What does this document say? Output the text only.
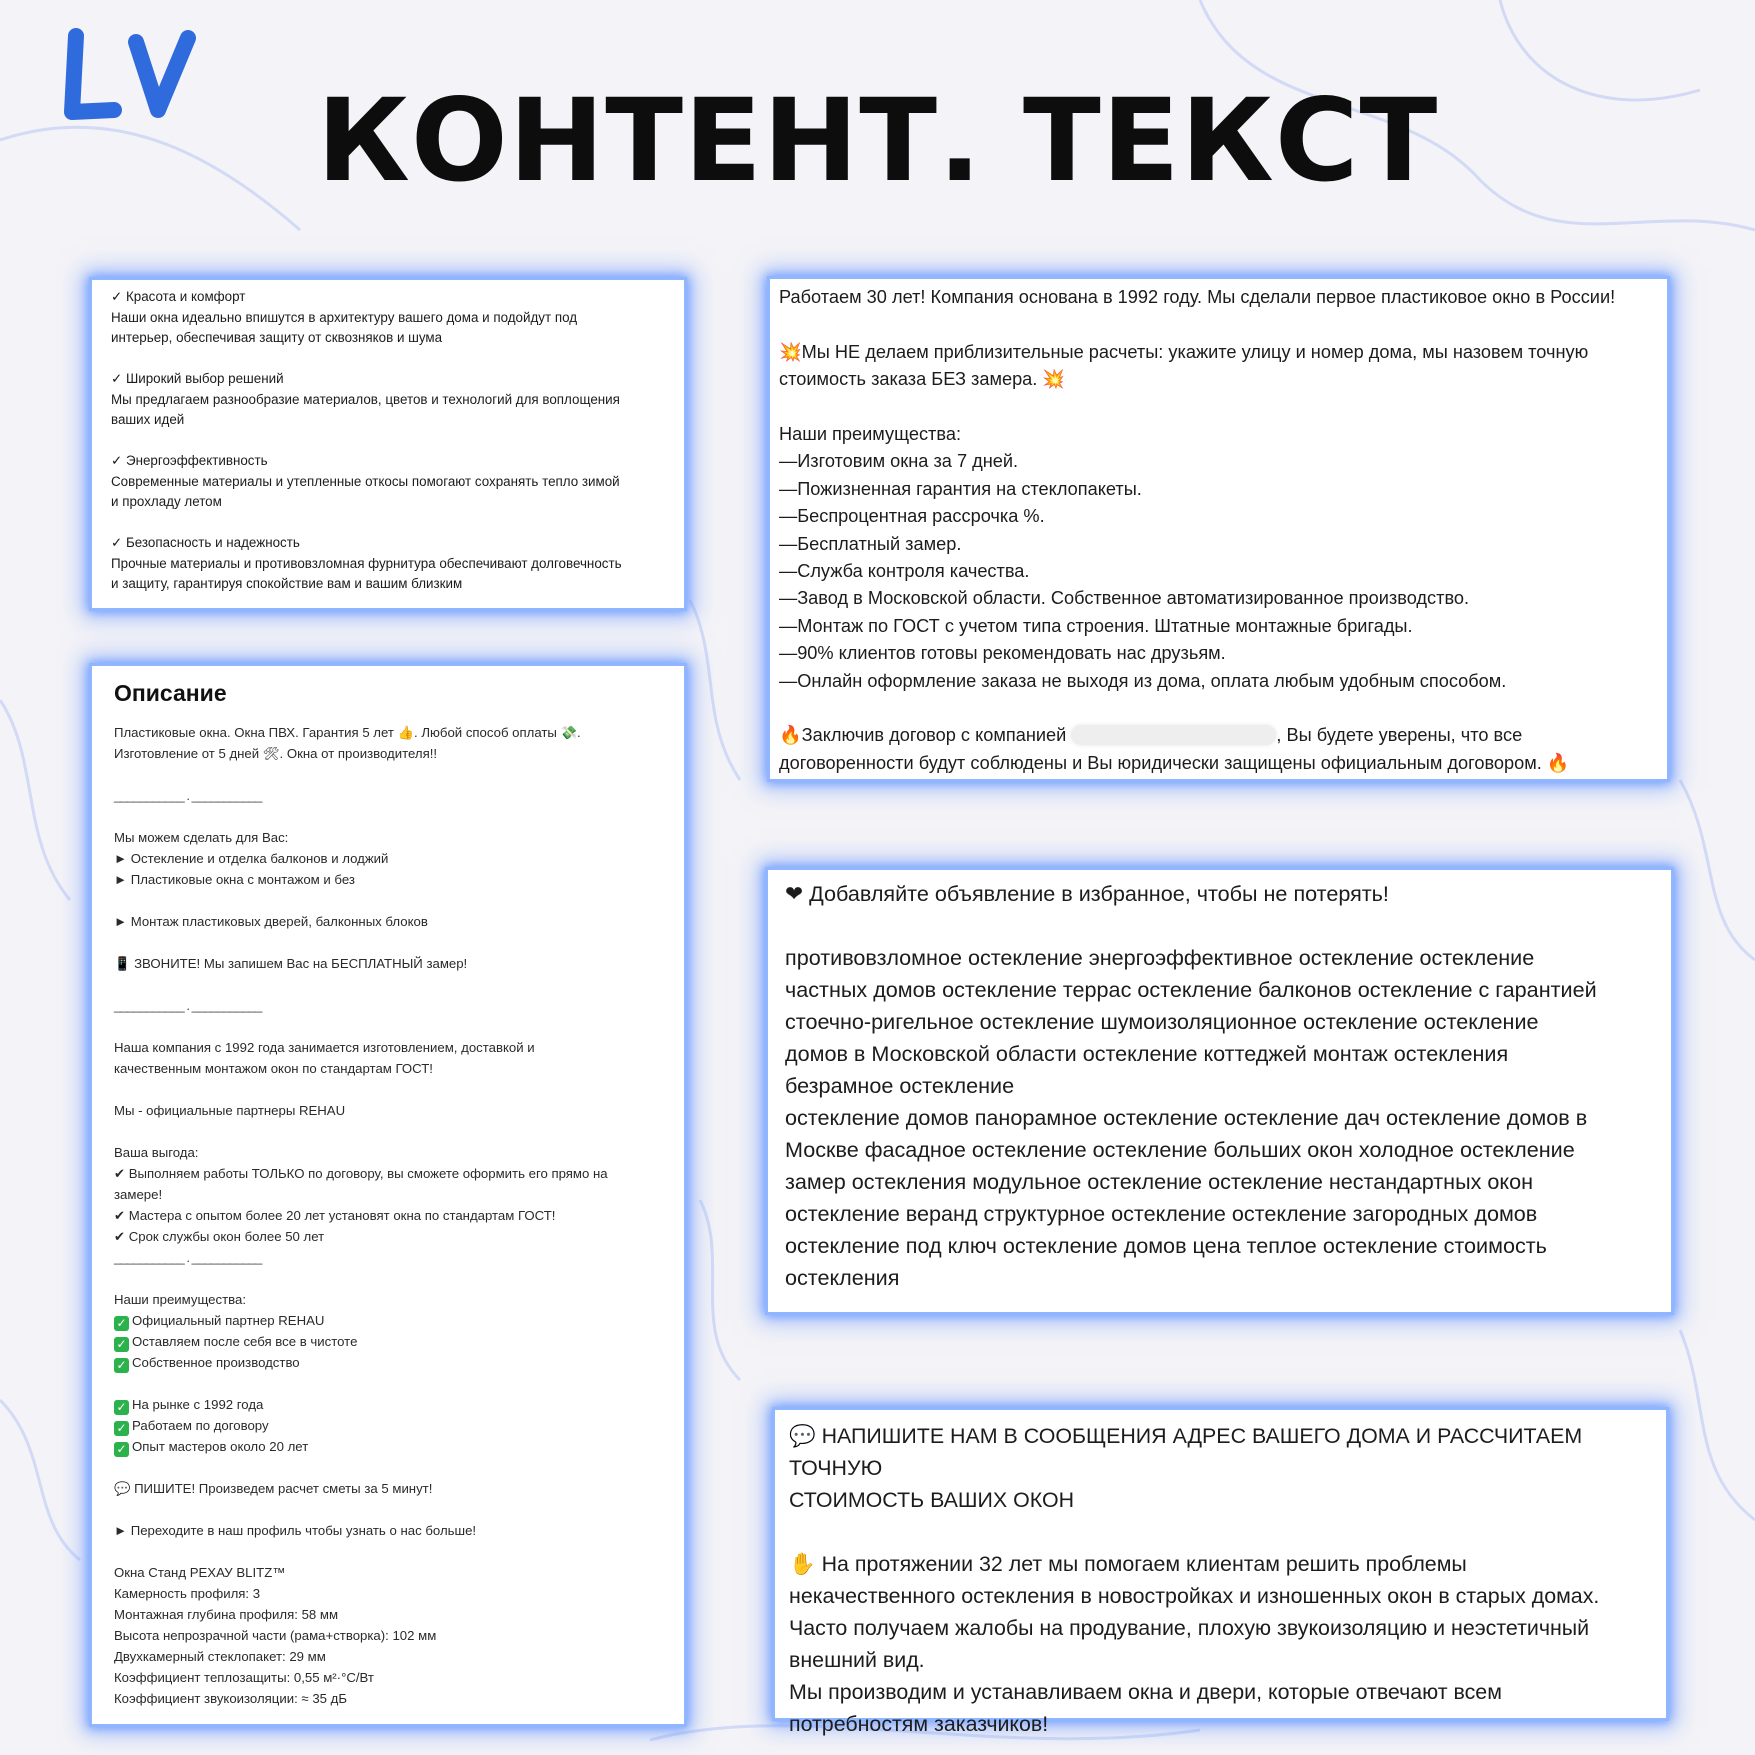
КОНТЕНТ. ТЕКСТ

✓ Красота и комфорт

Наши окна идеально впишутся в архитектуру вашего дома и подойдут под
интерьер, обеспечивая защиту от сквозняков и шума

✓ Широкий выбор решений

Мы предлагаем разнообразие материалов, цветов и технологий для воплощения
ваших идей

✓ Энергоэффективность

Современные материалы и утепленные откосы помогают сохранять тепло зимой
и прохладу летом

✓ Безопасность и надежность

Прочные материалы и противовзломная фурнитура обеспечивают долговечность
и защиту, гарантируя спокойствие вам и вашим близким

Описание

Пластиковые окна. Окна ПВХ. Гарантия 5 лет 👍. Любой способ оплаты 💸.
Изготовление от 5 дней 🛠. Окна от производителя!!

___________ . ___________

Мы можем сделать для Вас:

► Остекление и отделка балконов и лоджий

► Пластиковые окна с монтажом и без

► Монтаж пластиковых дверей, балконных блоков

📱 ЗВОНИТЕ! Мы запишем Вас на БЕСПЛАТНЫЙ замер!

___________ . ___________

Наша компания с 1992 года занимается изготовлением, доставкой и
качественным монтажом окон по стандартам ГОСТ!

Мы - официальные партнеры REHAU

Ваша выгода:

✔ Выполняем работы ТОЛЬКО по договору, вы сможете оформить его прямо на
замере!

✔ Мастера с опытом более 20 лет установят окна по стандартам ГОСТ!

✔ Срок службы окон более 50 лет

___________ . ___________

Наши преимущества:

✓ Официальный партнер REHAU

✓ Оставляем после себя все в чистоте

✓ Собственное производство

✓ На рынке с 1992 года

✓ Работаем по договору

✓ Опыт мастеров около 20 лет

💬 ПИШИТЕ! Произведем расчет сметы за 5 минут!

► Переходите в наш профиль чтобы узнать о нас больше!

Окна Станд РЕХАУ BLITZ™

Камерность профиля: 3

Монтажная глубина профиля: 58 мм

Высота непрозрачной части (рама+створка): 102 мм

Двухкамерный стеклопакет: 29 мм

Коэффициент теплозащиты: 0,55 м²·°С/Вт

Коэффициент звукоизоляции: ≈ 35 дБ

Работаем 30 лет! Компания основана в 1992 году. Мы сделали первое пластиковое окно в России!

💥Мы НЕ делаем приблизительные расчеты: укажите улицу и номер дома, мы назовем точную
стоимость заказа БЕЗ замера. 💥

Наши преимущества:

—Изготовим окна за 7 дней.

—Пожизненная гарантия на стеклопакеты.

—Беспроцентная рассрочка %.

—Бесплатный замер.

—Служба контроля качества.

—Завод в Московской области. Собственное автоматизированное производство.

—Монтаж по ГОСТ с учетом типа строения. Штатные монтажные бригады.

—90% клиентов готовы рекомендовать нас друзьям.

—Онлайн оформление заказа не выходя из дома, оплата любым удобным способом.

🔥Заключив договор с компанией	, Вы будете уверены, что все

договоренности будут соблюдены и Вы юридически защищены официальным договором. 🔥

❤ Добавляйте объявление в избранное, чтобы не потерять!

противовзломное остекление энергоэффективное остекление остекление
частных домов остекление террас остекление балконов остекление с гарантией
стоечно-ригельное остекление шумоизоляционное остекление остекление
домов в Московской области остекление коттеджей монтаж остекления
безрамное остекление

остекление домов панорамное остекление остекление дач остекление домов в
Москве фасадное остекление остекление больших окон холодное остекление
замер остекления модульное остекление остекление нестандартных окон
остекление веранд структурное остекление остекление загородных домов
остекление под ключ остекление домов цена теплое остекление стоимость
остекления

💬 НАПИШИТЕ НАМ В СООБЩЕНИЯ АДРЕС ВАШЕГО ДОМА И РАССЧИТАЕМ ТОЧНУЮ
СТОИМОСТЬ ВАШИХ ОКОН

✋ На протяжении 32 лет мы помогаем клиентам решить проблемы
некачественного остекления в новостройках и изношенных окон в старых домах.
Часто получаем жалобы на продувание, плохую звукоизоляцию и неэстетичный
внешний вид.
Мы производим и устанавливаем окна и двери, которые отвечают всем
потребностям заказчиков!
